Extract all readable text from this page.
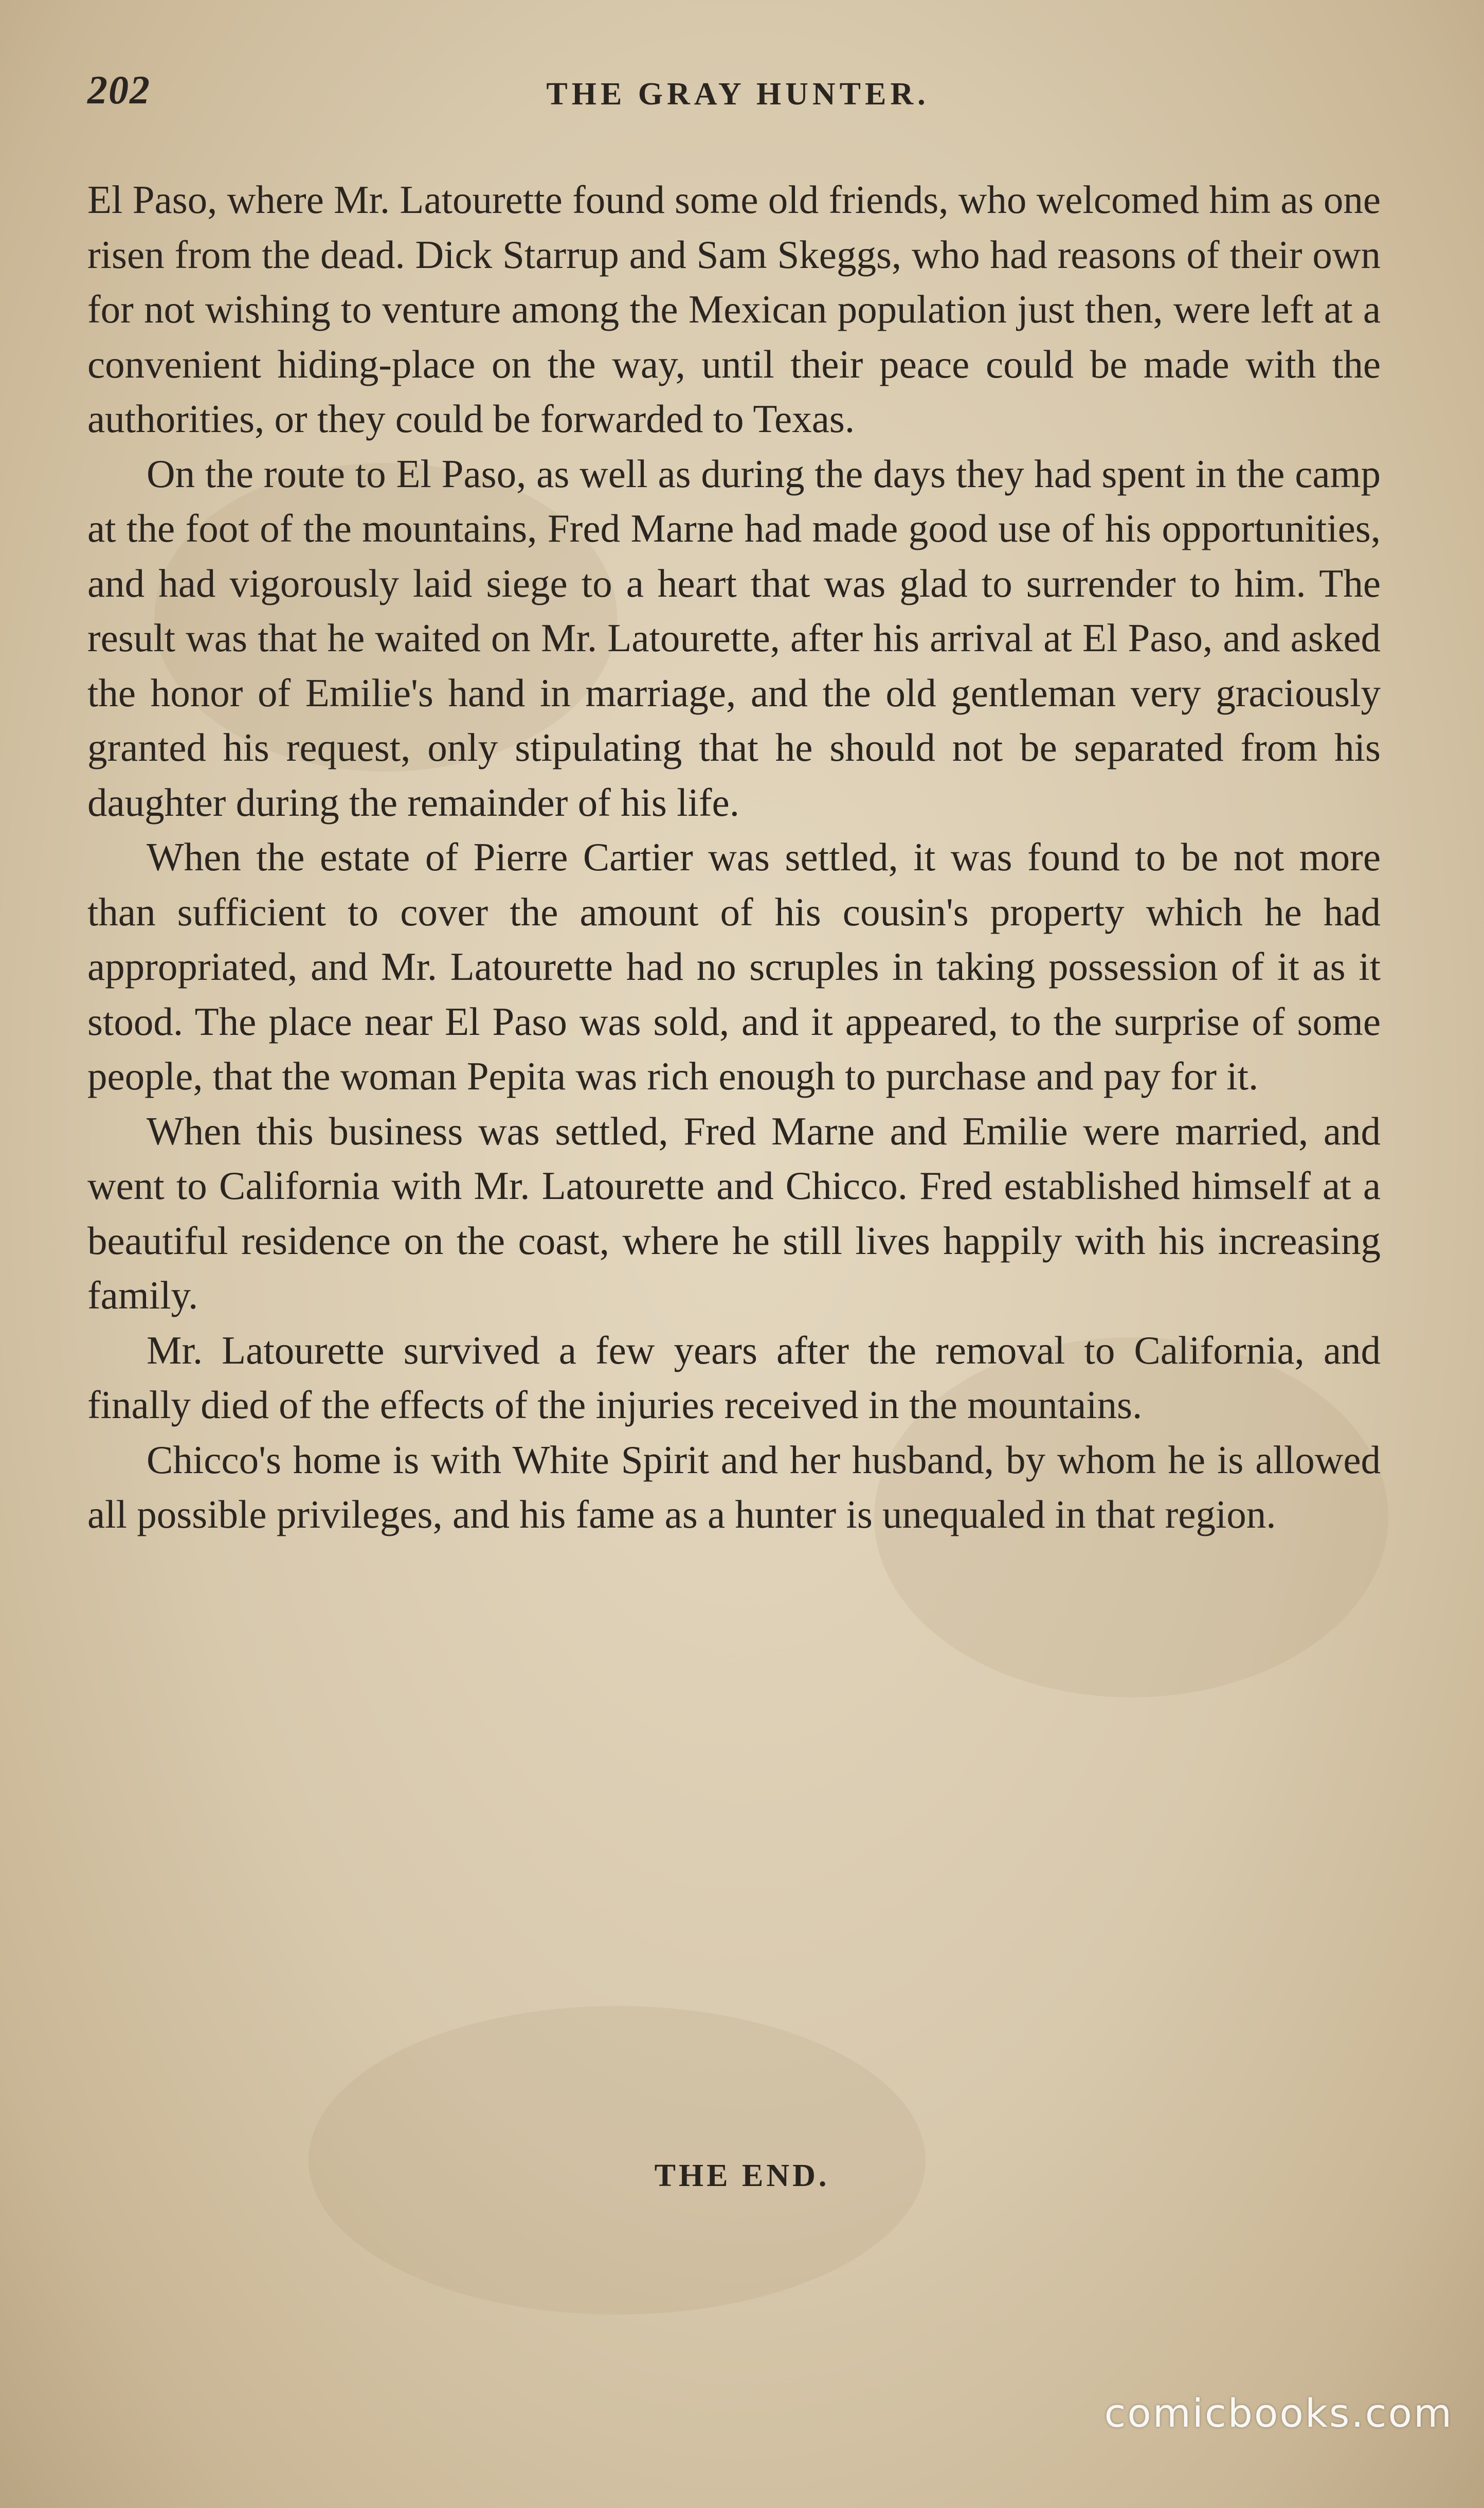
202	THE GRAY HUNTER.

El Paso, where Mr. Latourette found some old friends, who welcomed him as one risen from the dead. Dick Starrup and Sam Skeggs, who had reasons of their own for not wishing to venture among the Mexican population just then, were left at a convenient hiding-place on the way, until their peace could be made with the authorities, or they could be forwarded to Texas.

On the route to El Paso, as well as during the days they had spent in the camp at the foot of the mountains, Fred Marne had made good use of his opportunities, and had vigorously laid siege to a heart that was glad to surrender to him. The result was that he waited on Mr. Latourette, after his arrival at El Paso, and asked the honor of Emilie's hand in marriage, and the old gentleman very graciously granted his request, only stipulating that he should not be separated from his daughter during the remainder of his life.

When the estate of Pierre Cartier was settled, it was found to be not more than sufficient to cover the amount of his cousin's property which he had appropriated, and Mr. Latourette had no scruples in taking possession of it as it stood. The place near El Paso was sold, and it appeared, to the surprise of some people, that the woman Pepita was rich enough to purchase and pay for it.

When this business was settled, Fred Marne and Emilie were married, and went to California with Mr. Latourette and Chicco. Fred established himself at a beautiful residence on the coast, where he still lives happily with his increasing family.

Mr. Latourette survived a few years after the removal to California, and finally died of the effects of the injuries received in the mountains.

Chicco's home is with White Spirit and her husband, by whom he is allowed all possible privileges, and his fame as a hunter is unequaled in that region.

THE END.
comicbooks.com
